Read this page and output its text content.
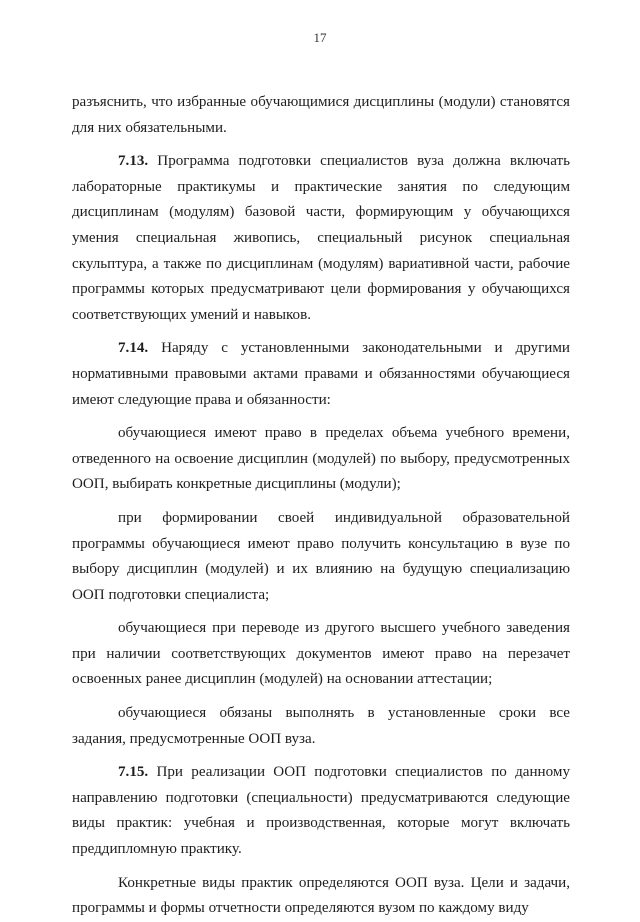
17

разъяснить, что избранные обучающимися дисциплины (модули) становятся для них обязательными.

7.13. Программа подготовки специалистов вуза должна включать лабораторные практикумы и практические занятия по следующим дисциплинам (модулям) базовой части, формирующим у обучающихся умения специальная живопись, специальный рисунок специальная скульптура, а также по дисциплинам (модулям) вариативной части, рабочие программы которых предусматривают цели формирования у обучающихся соответствующих умений и навыков.

7.14. Наряду с установленными законодательными и другими нормативными правовыми актами правами и обязанностями обучающиеся имеют следующие права и обязанности:

обучающиеся имеют право в пределах объема учебного времени, отведенного на освоение дисциплин (модулей) по выбору, предусмотренных ООП, выбирать конкретные дисциплины (модули);

при формировании своей индивидуальной образовательной программы обучающиеся имеют право получить консультацию в вузе по выбору дисциплин (модулей) и их влиянию на будущую специализацию ООП подготовки специалиста;

обучающиеся при переводе из другого высшего учебного заведения при наличии соответствующих документов имеют право на перезачет освоенных ранее дисциплин (модулей) на основании аттестации;

обучающиеся обязаны выполнять в установленные сроки все задания, предусмотренные ООП вуза.

7.15. При реализации ООП подготовки специалистов по данному направлению подготовки (специальности) предусматриваются следующие виды практик: учебная и производственная, которые могут включать преддипломную практику.

Конкретные виды практик определяются ООП вуза. Цели и задачи, программы и формы отчетности определяются вузом по каждому виду
